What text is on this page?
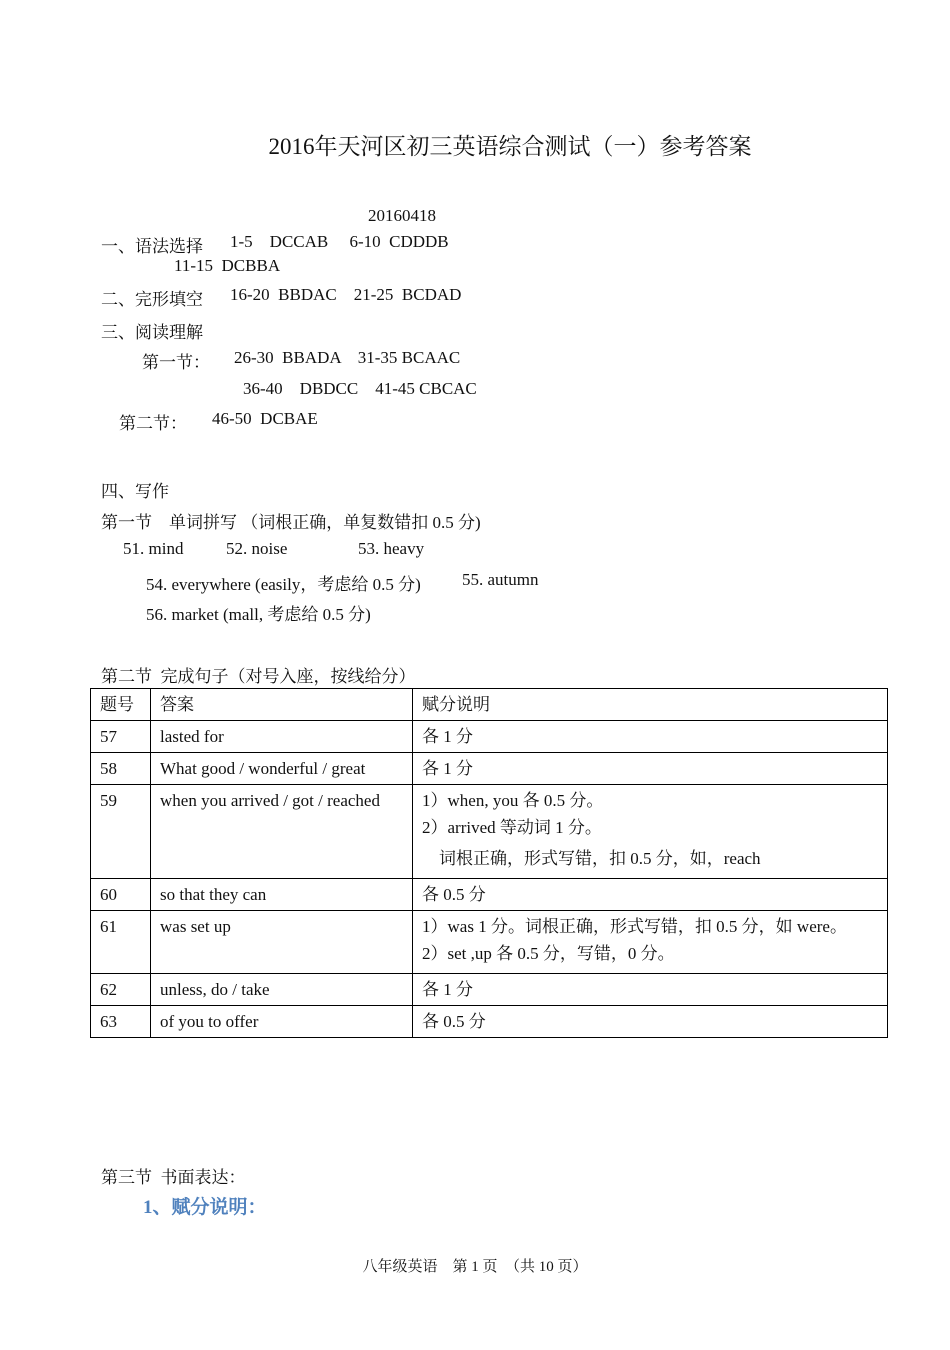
2016年天河区初三英语综合测试（一）参考答案
20160418
一、语法选择 1-5    DCCAB     6-10  CDDDB
11-15  DCBBA
二、完形填空 16-20  BBDAC    21-25  BCDAD
三、阅读理解
第一节： 26-30  BBADA    31-35 BCAAC
36-40    DBDCC    41-45 CBCAC
第二节： 46-50  DCBAE
四、写作
第一节    单词拼写 （词根正确，单复数错扣 0.5 分)
51. mind	52. noise	53. heavy
54. everywhere (easily，考虑给 0.5 分) 55. autumn
56. market (mall, 考虑给 0.5 分)
第二节  完成句子（对号入座，按线给分）
题号	答案	赋分说明
57	lasted for	各 1 分
58	What good / wonderful / great	各 1 分
59	when you arrived / got / reached	1）when, you 各 0.5 分。
2）arrived 等动词 1 分。
词根正确，形式写错，扣 0.5 分，如，reach

60	so that they can	各 0.5 分
61	was set up	1）was 1 分。词根正确，形式写错，扣 0.5 分，如 were。
2）set ,up 各 0.5 分，写错，0 分。

62	unless, do / take	各 1 分
63	of you to offer	各 0.5 分
第三节  书面表达：
1、赋分说明：
八年级英语    第 1 页  （共 10 页）
